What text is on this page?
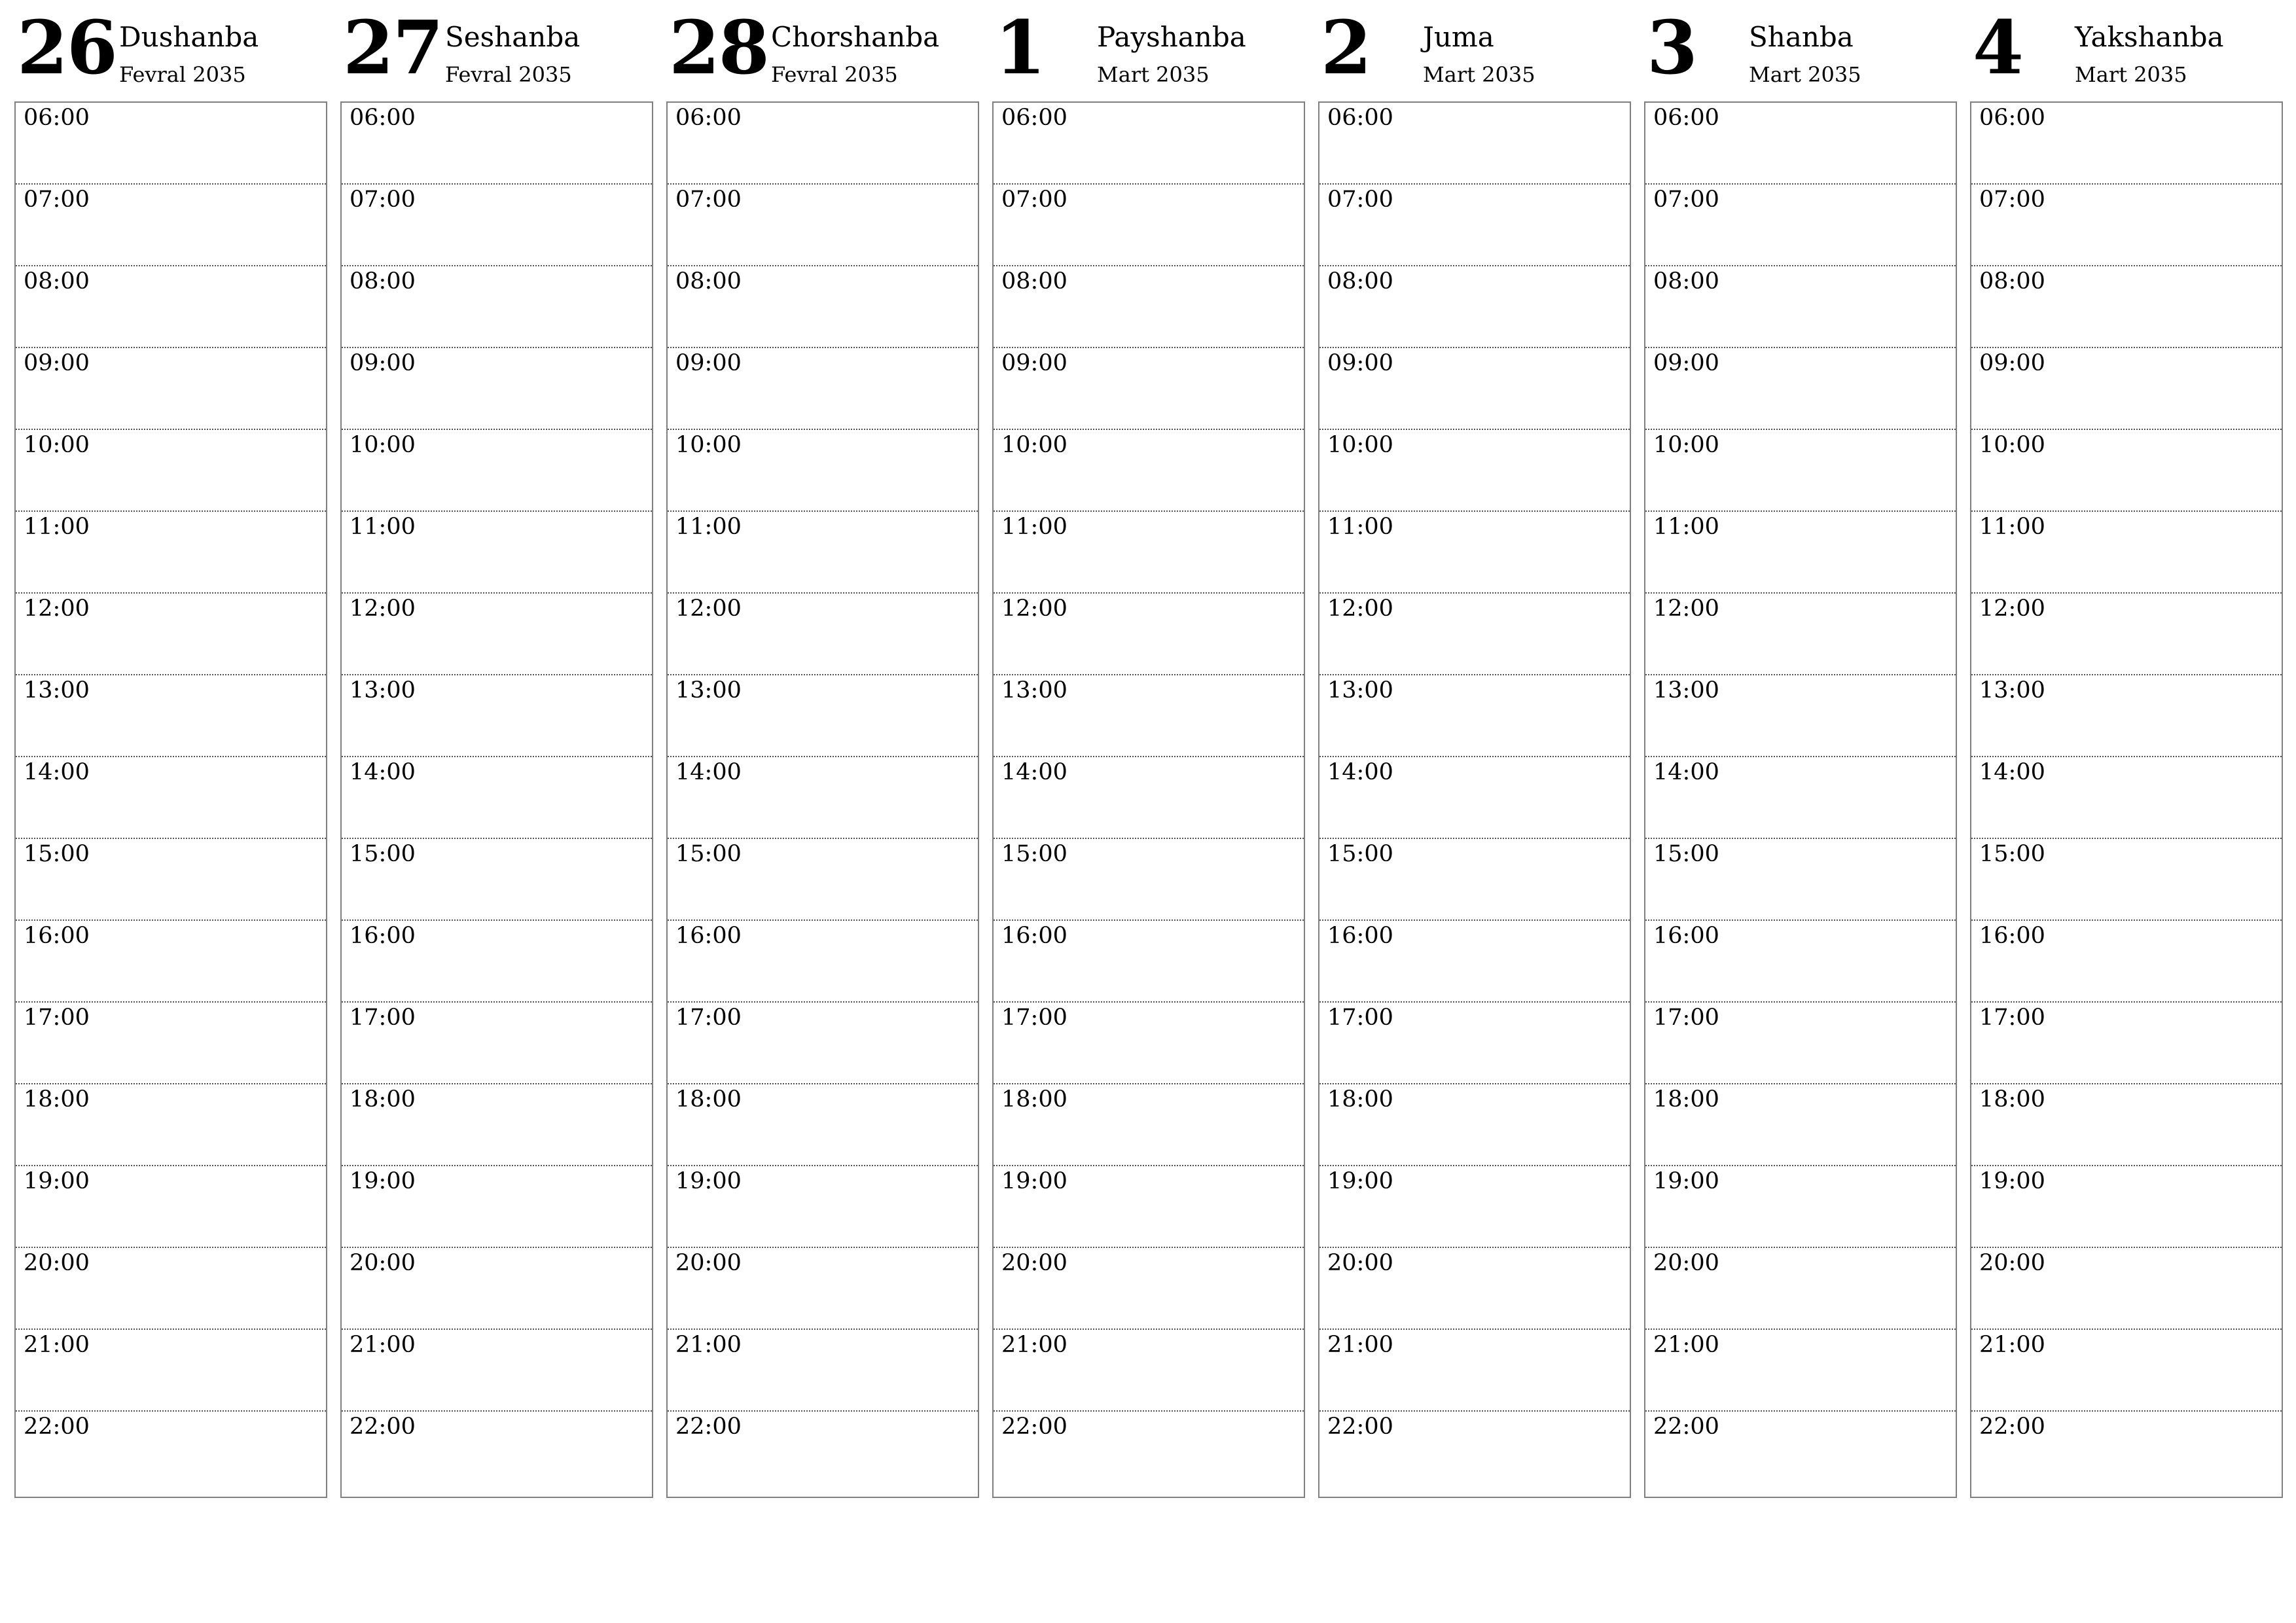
26 Dushanba
Fevral 2035
06:00
07:00
08:00
09:00
10:00
11:00
12:00
13:00
14:00
15:00
16:00
17:00
18:00
19:00
20:00
21:00
22:00
27 Seshanba
Fevral 2035
06:00
07:00
08:00
09:00
10:00
11:00
12:00
13:00
14:00
15:00
16:00
17:00
18:00
19:00
20:00
21:00
22:00
28 Chorshanba
Fevral 2035
06:00
07:00
08:00
09:00
10:00
11:00
12:00
13:00
14:00
15:00
16:00
17:00
18:00
19:00
20:00
21:00
22:00
1 Payshanba
Mart 2035
06:00
07:00
08:00
09:00
10:00
11:00
12:00
13:00
14:00
15:00
16:00
17:00
18:00
19:00
20:00
21:00
22:00
2 Juma
Mart 2035
06:00
07:00
08:00
09:00
10:00
11:00
12:00
13:00
14:00
15:00
16:00
17:00
18:00
19:00
20:00
21:00
22:00
3 Shanba
Mart 2035
06:00
07:00
08:00
09:00
10:00
11:00
12:00
13:00
14:00
15:00
16:00
17:00
18:00
19:00
20:00
21:00
22:00
4 Yakshanba
Mart 2035
06:00
07:00
08:00
09:00
10:00
11:00
12:00
13:00
14:00
15:00
16:00
17:00
18:00
19:00
20:00
21:00
22:00
